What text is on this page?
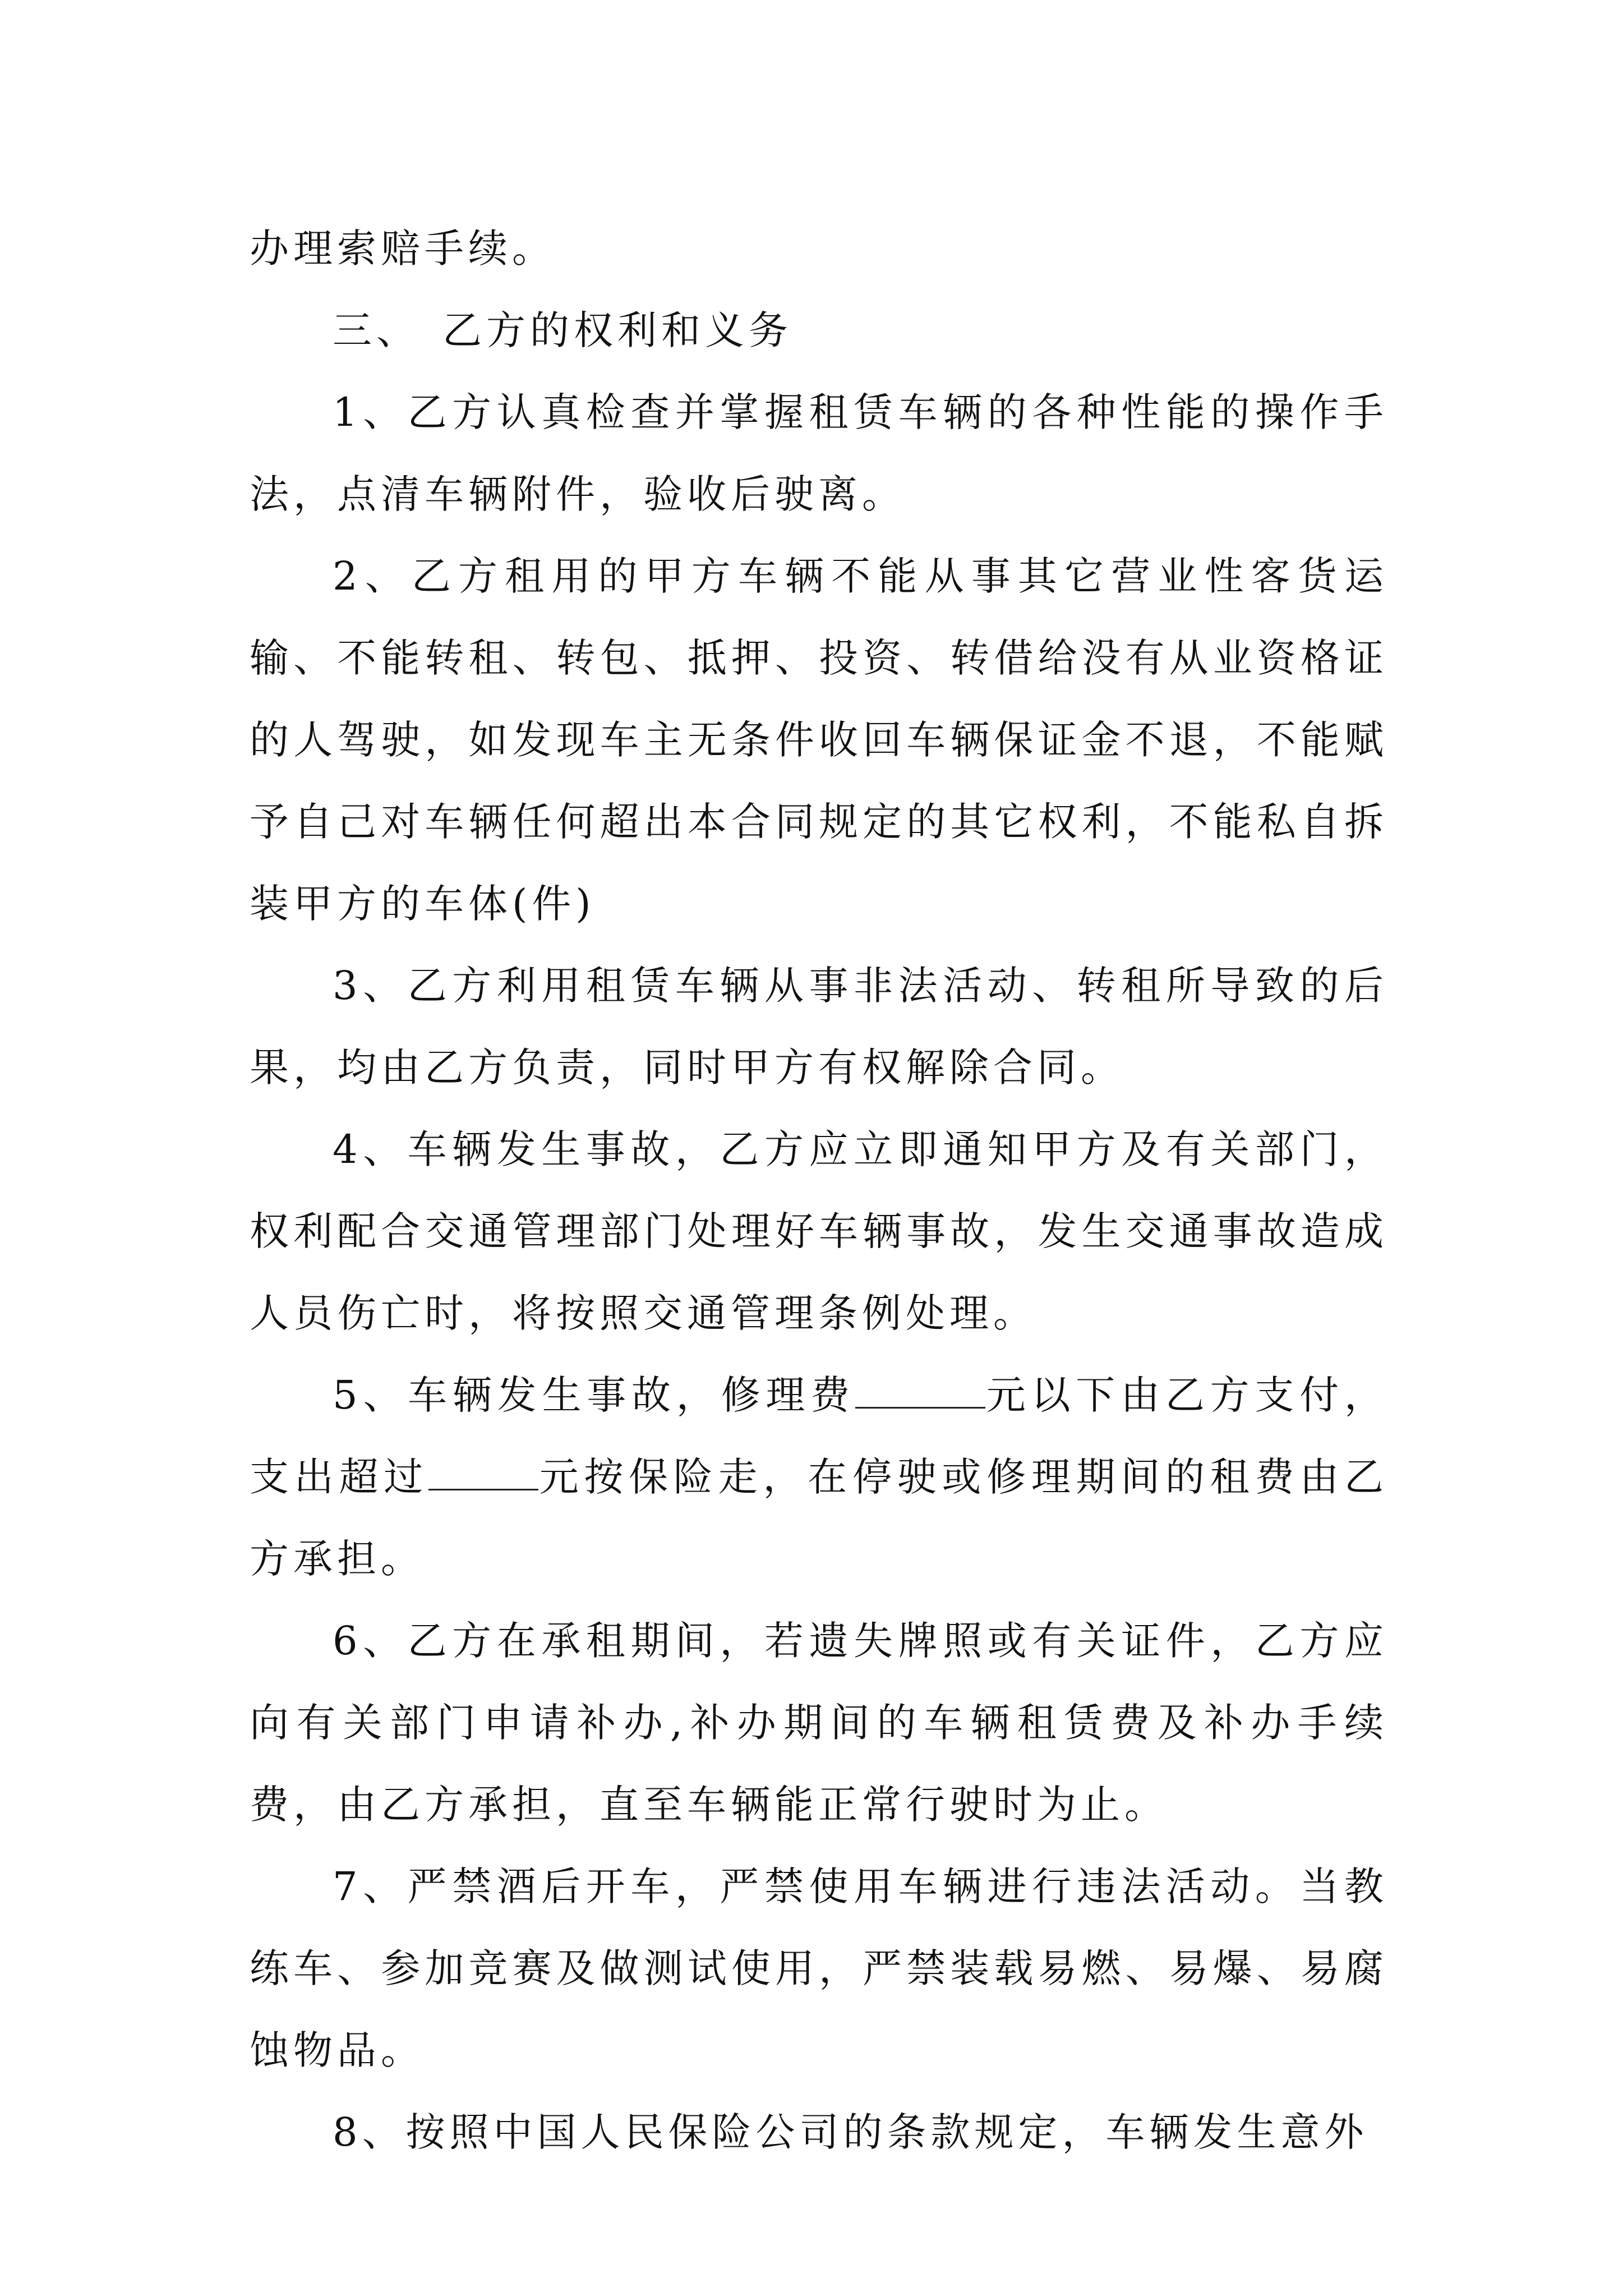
办理索赔手续。

三、 乙方的权利和义务

1、乙方认真检查并掌握租赁车辆的各种性能的操作手法，点清车辆附件，验收后驶离。

2、乙方租用的甲方车辆不能从事其它营业性客货运输、不能转租、转包、抵押、投资、转借给没有从业资格证的人驾驶，如发现车主无条件收回车辆保证金不退，不能赋予自己对车辆任何超出本合同规定的其它权利，不能私自拆装甲方的车体(件)

3、乙方利用租赁车辆从事非法活动、转租所导致的后果，均由乙方负责，同时甲方有权解除合同。

4、车辆发生事故，乙方应立即通知甲方及有关部门，权利配合交通管理部门处理好车辆事故，发生交通事故造成人员伤亡时，将按照交通管理条例处理。

5、车辆发生事故，修理费	元以下由乙方支付，支出超过	元按保险走，在停驶或修理期间的租费由乙方承担。

6、乙方在承租期间，若遗失牌照或有关证件，乙方应向有关部门申请补办,补办期间的车辆租赁费及补办手续费，由乙方承担，直至车辆能正常行驶时为止。

7、严禁酒后开车，严禁使用车辆进行违法活动。当教练车、参加竞赛及做测试使用，严禁装载易燃、易爆、易腐蚀物品。

8、按照中国人民保险公司的条款规定，车辆发生意外
